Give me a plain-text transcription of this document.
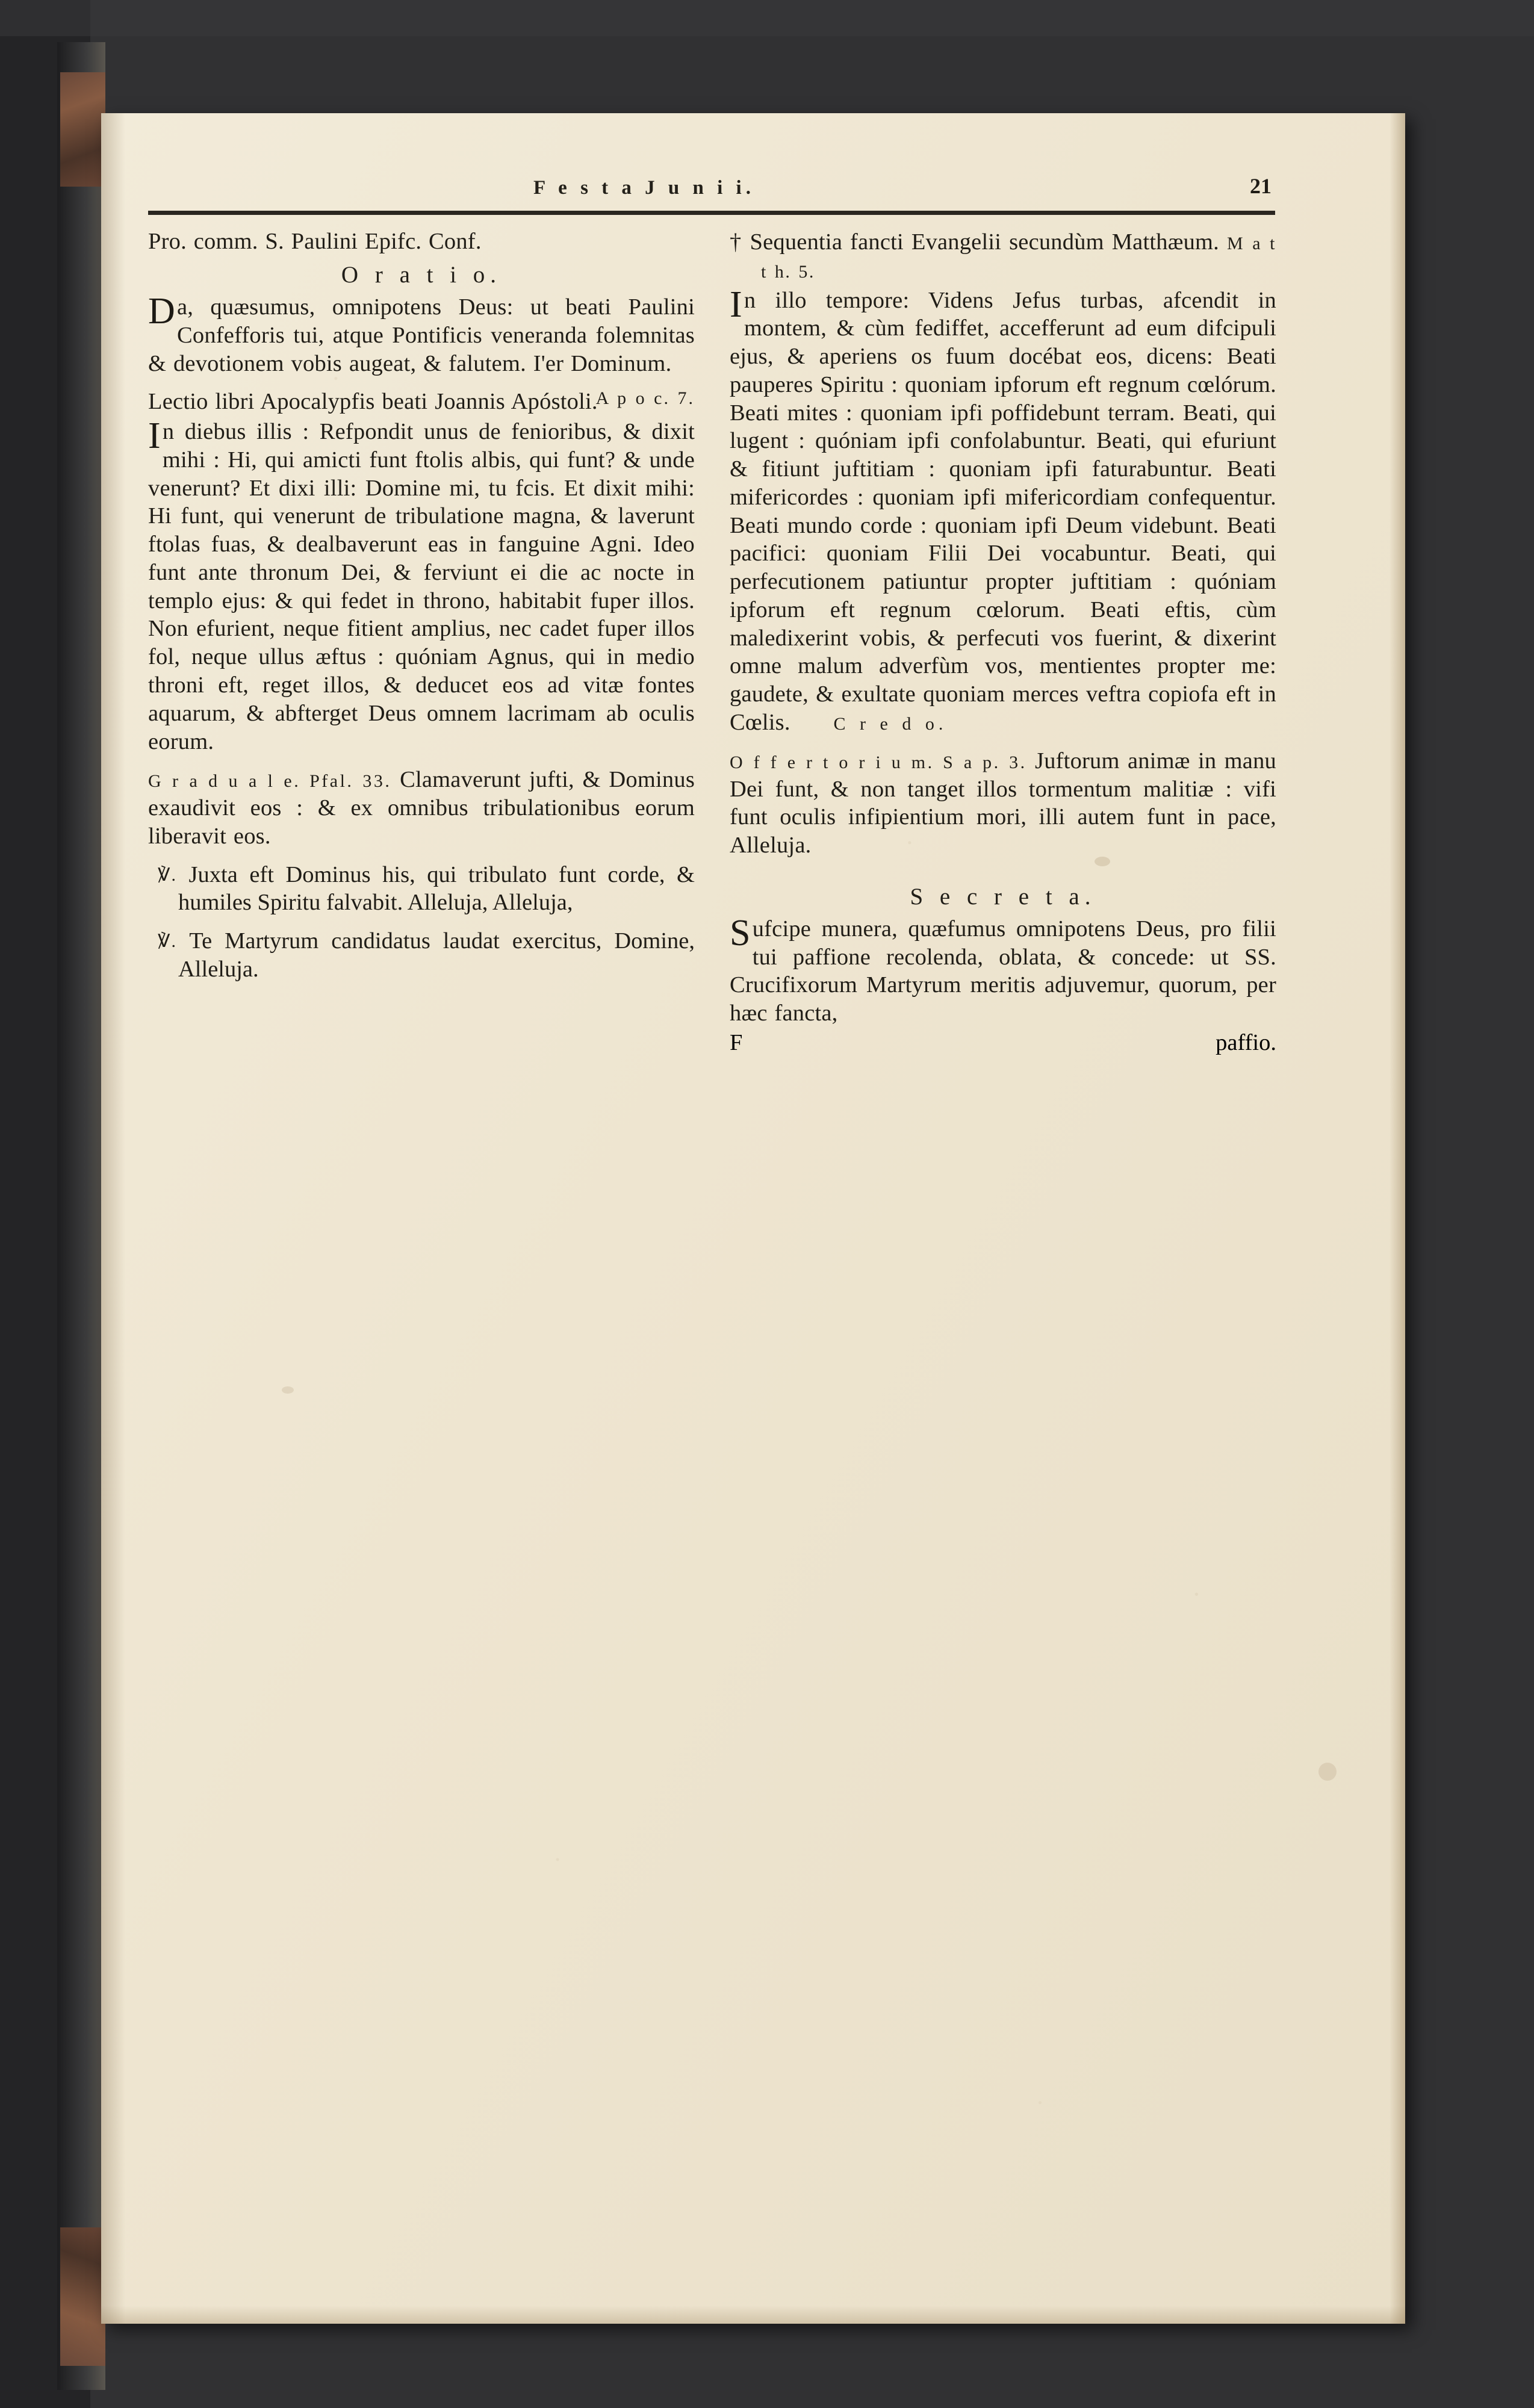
F e s t a J u n i i.	21

Pro. comm. S. Paulini Epifc. Conf.

O r a t i o.

Da, quæsumus, omnipotens Deus: ut beati Paulini Confefforis tui, atque Pontificis veneranda folemnitas & devotionem vobis augeat, & falutem. I'er Dominum.

A p o c. 7.
Lectio libri Apocalypfis beati Joannis Apóstoli.

In diebus illis : Refpondit unus de fenioribus, & dixit mihi : Hi, qui amicti funt ftolis albis, qui funt? & unde venerunt? Et dixi illi: Domine mi, tu fcis. Et dixit mihi: Hi funt, qui venerunt de tribulatione magna, & laverunt ftolas fuas, & dealbaverunt eas in fanguine Agni. Ideo funt ante thronum Dei, & ferviunt ei die ac nocte in templo ejus: & qui fedet in throno, habitabit fuper illos. Non efurient, neque fitient amplius, nec cadet fuper illos fol, neque ullus æftus : quóniam Agnus, qui in medio throni eft, reget illos, & deducet eos ad vitæ fontes aquarum, & abfterget Deus omnem lacrimam ab oculis eorum.

G r a d u a l e. Pfal. 33. Clamaverunt jufti, & Dominus exaudivit eos : & ex omnibus tribulationibus eorum liberavit eos.

℣. Juxta eft Dominus his, qui tribulato funt corde, & humiles Spiritu falvabit. Alleluja, Alleluja,

℣. Te Martyrum candidatus laudat exercitus, Domine, Alleluja.

† Sequentia fancti Evangelii secundùm Matthæum. M a t t h. 5.

In illo tempore: Videns Jefus turbas, afcendit in montem, & cùm fediffet, accefferunt ad eum difcipuli ejus, & aperiens os fuum docébat eos, dicens: Beati pauperes Spiritu : quoniam ipforum eft regnum cœlórum. Beati mites : quoniam ipfi poffidebunt terram. Beati, qui lugent : quóniam ipfi confolabuntur. Beati, qui efuriunt & fitiunt juftitiam : quoniam ipfi faturabuntur. Beati mifericordes : quoniam ipfi mifericordiam confequentur. Beati mundo corde : quoniam ipfi Deum videbunt. Beati pacifici: quoniam Filii Dei vocabuntur. Beati, qui perfecutionem patiuntur propter juftitiam : quóniam ipforum eft regnum cœlorum. Beati eftis, cùm maledixerint vobis, & perfecuti vos fuerint, & dixerint omne malum adverfùm vos, mentientes propter me: gaudete, & exultate quoniam merces veftra copiofa eft in Cœlis. C r e d o.

O f f e r t o r i u m. S a p. 3. Juftorum animæ in manu Dei funt, & non tanget illos tormentum malitiæ : vifi funt oculis infipientium mori, illi autem funt in pace, Alleluja.

S e c r e t a.

Sufcipe munera, quæfumus omnipotens Deus, pro filii tui paffione recolenda, oblata, & concede: ut SS. Crucifixorum Martyrum meritis adjuvemur, quorum, per hæc fancta,

F	paffio.
